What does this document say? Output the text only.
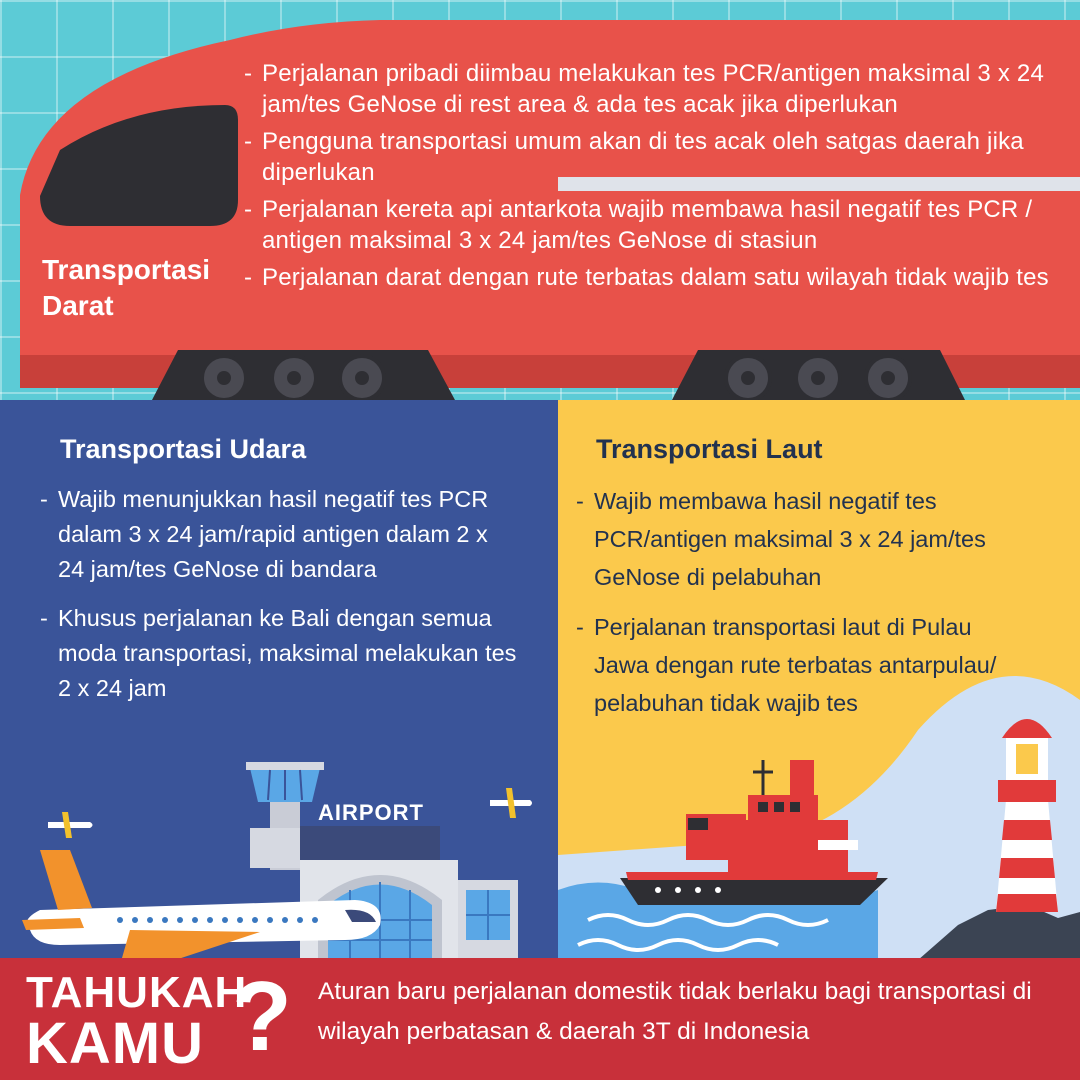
Transportasi Darat
- Perjalanan pribadi diimbau melakukan tes PCR/antigen maksimal 3 x 24 jam/tes GeNose di rest area & ada tes acak jika diperlukan
- Pengguna transportasi umum akan di tes acak oleh satgas daerah jika diperlukan
- Perjalanan kereta api antarkota wajib membawa hasil negatif tes PCR / antigen maksimal 3 x 24 jam/tes GeNose di stasiun
- Perjalanan darat dengan rute terbatas dalam satu wilayah tidak wajib tes
Transportasi Udara
- Wajib menunjukkan hasil negatif tes PCR dalam 3 x 24 jam/rapid antigen dalam 2 x 24 jam/tes GeNose di bandara
- Khusus perjalanan ke Bali dengan semua moda transportasi, maksimal melakukan tes 2 x 24 jam
AIRPORT
Transportasi Laut
- Wajib membawa hasil negatif tes PCR/antigen maksimal 3 x 24 jam/tes GeNose di pelabuhan
- Perjalanan transportasi laut di Pulau Jawa dengan rute terbatas antarpulau/ pelabuhan tidak wajib tes
TAHUKAH
KAMU ? Aturan baru perjalanan domestik tidak berlaku bagi transportasi di wilayah perbatasan & daerah 3T di Indonesia
